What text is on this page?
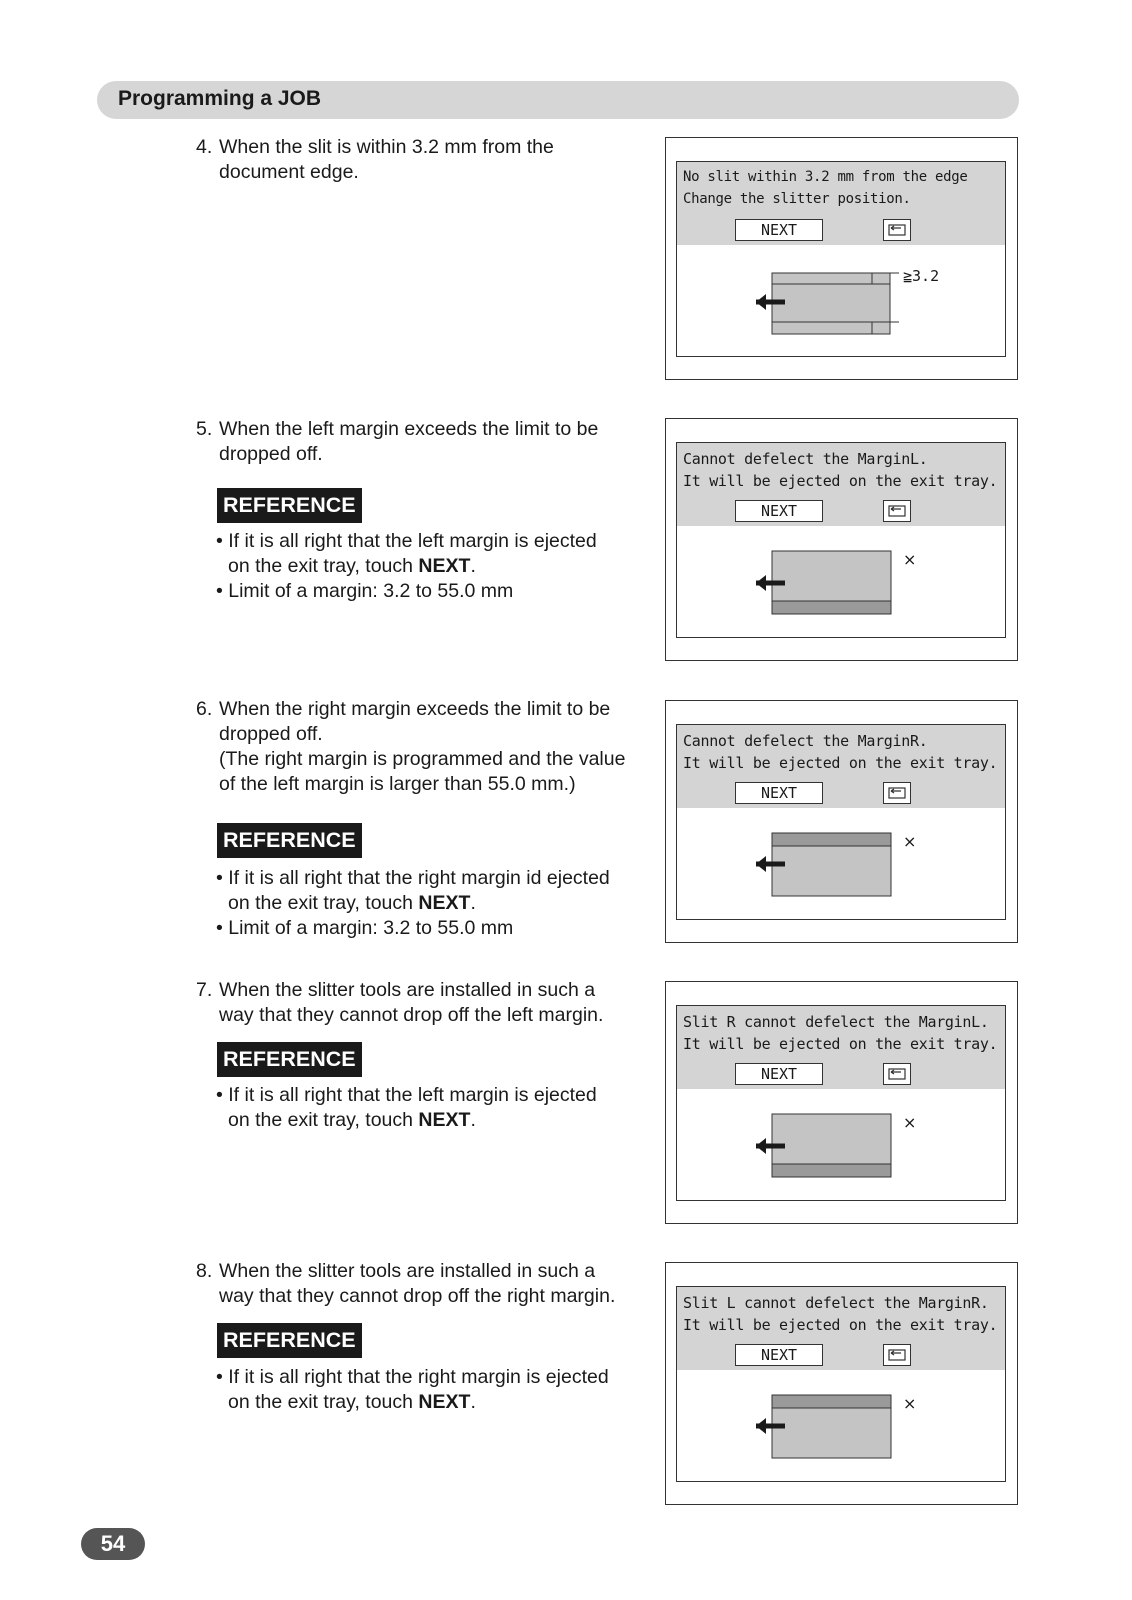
Programming a JOB
4. When the slit is within 3.2 mm from the
document edge.	No slit within 3.2 mm from the edge
Change the slitter position.
NEXT
≧3.2
5. When the left margin exceeds the limit to be
dropped off.
REFERENCE
• If it is all right that the left margin is ejected
on the exit tray, touch NEXT.
• Limit of a margin: 3.2 to 55.0 mm
Cannot defelect the MarginL.
It will be ejected on the exit tray.
NEXT
×
6. When the right margin exceeds the limit to be
dropped off.
(The right margin is programmed and the value
of the left margin is larger than 55.0 mm.)
REFERENCE
• If it is all right that the right margin id ejected
on the exit tray, touch NEXT.
• Limit of a margin: 3.2 to 55.0 mm
Cannot defelect the MarginR.
It will be ejected on the exit tray.
NEXT
×
7. When the slitter tools are installed in such a
way that they cannot drop off the left margin.
REFERENCE
• If it is all right that the left margin is ejected
on the exit tray, touch NEXT.
Slit R cannot defelect the MarginL.
It will be ejected on the exit tray.
NEXT
×
8. When the slitter tools are installed in such a
way that they cannot drop off the right margin.
REFERENCE
• If it is all right that the right margin is ejected
on the exit tray, touch NEXT.
Slit L cannot defelect the MarginR.
It will be ejected on the exit tray.
NEXT
×
54
